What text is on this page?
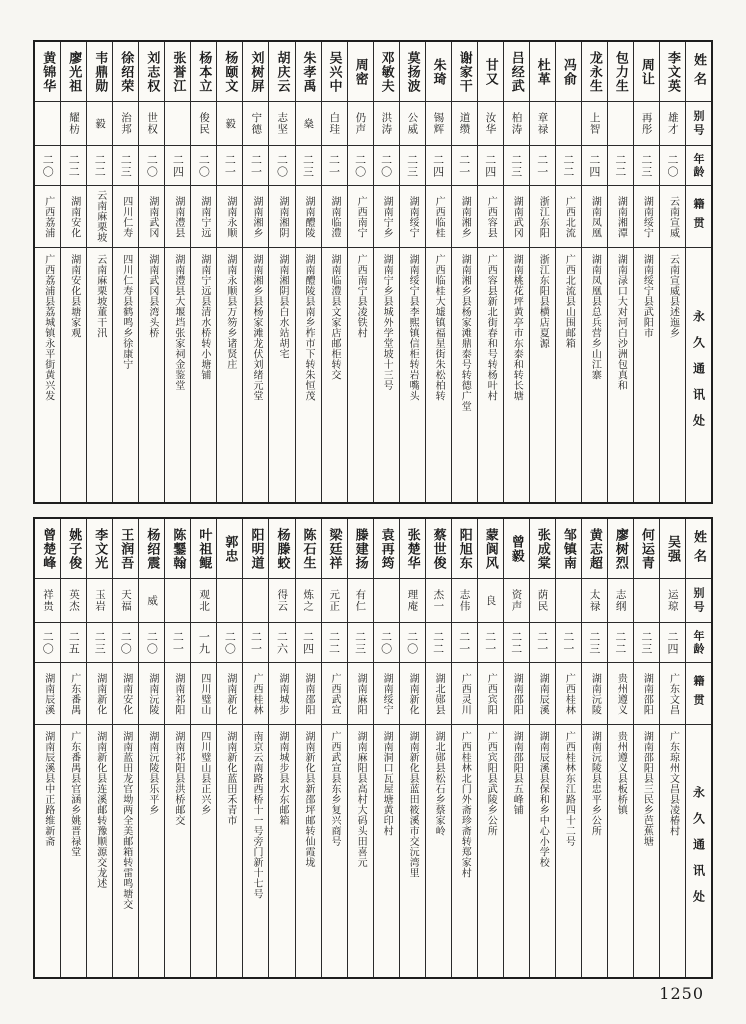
姓名
别号
年龄
籍贯
永久通讯处
李文英
雄才
二〇
云南宣威
云南宣威县述迤乡
周让
再彤
二三
湖南绥宁
湖南绥宁县武阳市
包力生
二二
湖南湘潭
湖南渌口大对河白沙洲包真和
龙永生
上智
二四
湖南凤凰
湖南凤凰县总兵营乡山江寨
冯俞
二二
广西北流
广西北流县山围邮箱
杜革
章禄
二一
浙江东阳
浙江东阳县横店夏源
吕经武
柏涛
二三
湖南武冈
湖南桃花坪黄亭市东泰和转长塘
甘又
汝华
二四
广西容县
广西容县新北街春和号转杨叶村
谢家干
道缵
二一
湖南湘乡
湖南湘乡县杨家滩鼎泰号转德广堂
朱琦
锡辉
二四
广西临桂
广西临桂大墟镇福星街朱松柏转
莫扬波
公威
二三
湖南绥宁
湖南绥宁县李熙镇信柜转岩嘴头
邓敏夫
洪涛
二〇
湖南宁乡
湖南宁乡县城外学堂坡十三号
周密
仍声
二〇
广西南宁
广西南宁县凌铁村
吴兴中
白珪
二一
湖南临澧
湖南临澧县文家店邮柜转交
朱孝禹
燊
二三
湖南醴陵
湖南醴陵县南乡柞市下转朱恒茂
胡庆云
志坚
二〇
湖南湘阴
湖南湘阴县白水站胡宅
刘树屏
宁德
二一
湖南湘乡
湖南湘乡县杨家滩龙伏刘绪元堂
杨颐文
毅
二一
湖南永顺
湖南永顺县万笏乡诸贤庄
杨本立
俊民
二〇
湖南宁远
湖南宁远县清水桥转小塘铺
张誉江
二四
湖南澧县
湖南澧县大堰垱张家祠金鉴堂
刘志权
世权
二〇
湖南武冈
湖南武冈县湾头桥
徐绍荣
治邦
二三
四川仁寿
四川仁寿县鹤鸣乡徐康宁
韦鼎勋
毅
二二
云南麻栗坡
云南麻栗坡董干汛
廖光祖
耀枋
二二
湖南安化
湖南安化县塘家观
黄锦华
二〇
广西荔浦
广西荔浦县荔城镇永平街黄兴发
姓名
别号
年龄
籍贯
永久通讯处
吴强
运琼
二四
广东文昌
广东琼州文昌县凌椿村
何运青
二三
湖南邵阳
湖南邵阳县三民乡芭蕉塘
廖树烈
志纲
二二
贵州遵义
贵州遵义县板桥镇
黄志超
太禄
二三
湖南沅陵
湖南沅陵县忠平乡公所
邹镇南
二一
广西桂林
广西桂林东江路四十二号
张成棠
荫民
二一
湖南辰溪
湖南辰溪县保和乡中心小学校
曾毅
资声
二二
湖南邵阳
湖南邵阳县五峰铺
蒙阆风
良
二一
广西宾阳
广西宾阳县武陵乡公所
阳旭东
志伟
二一
广西灵川
广西桂林北门外斋珍斋转郑家村
蔡世俊
杰一
二二
湖北郧县
湖北郧县松石乡蔡家岭
张楚华
理庵
二〇
湖南新化
湖南新化县蓝田筱溪市交沅湾里
袁再筠
二〇
湖南绥宁
湖南洞口瓦屋塘黄印村
滕建扬
有仁
二三
湖南麻阳
湖南麻阳县高村大码头田喜元
梁廷祥
元正
二二
广西武宣
广西武宣县东乡复兴商号
陈石生
炼之
二四
湖南邵阳
湖南新化县新邵坪邮转仙霞垅
杨滕蛟
得云
二六
湖南城步
湖南城步县水东邮箱
阳明道
二一
广西桂林
南京云南路西桥十一号旁门新十七号
郭忠
二〇
湖南新化
湖南新化蓝田禾青市
叶祖鲲
观北
一九
四川璧山
四川璧山县正兴乡
陈鑋翰
二一
湖南祁阳
湖南祁阳县洪桥邮交
杨绍震
威
二〇
湖南沅陵
湖南沅陵县乐平乡
王润吾
天福
二〇
湖南安化
湖南蓝田龙官坳两全美邮箱转雷鸣塘交
李文光
玉岩
二三
湖南新化
湖南新化县连溪邮转豫顺源交龙述
姚子俊
英杰
二五
广东番禺
广东番禺县官涵乡姚晋禄堂
曾楚峰
祥贵
二〇
湖南辰溪
湖南辰溪县中正路维新斋
1250
